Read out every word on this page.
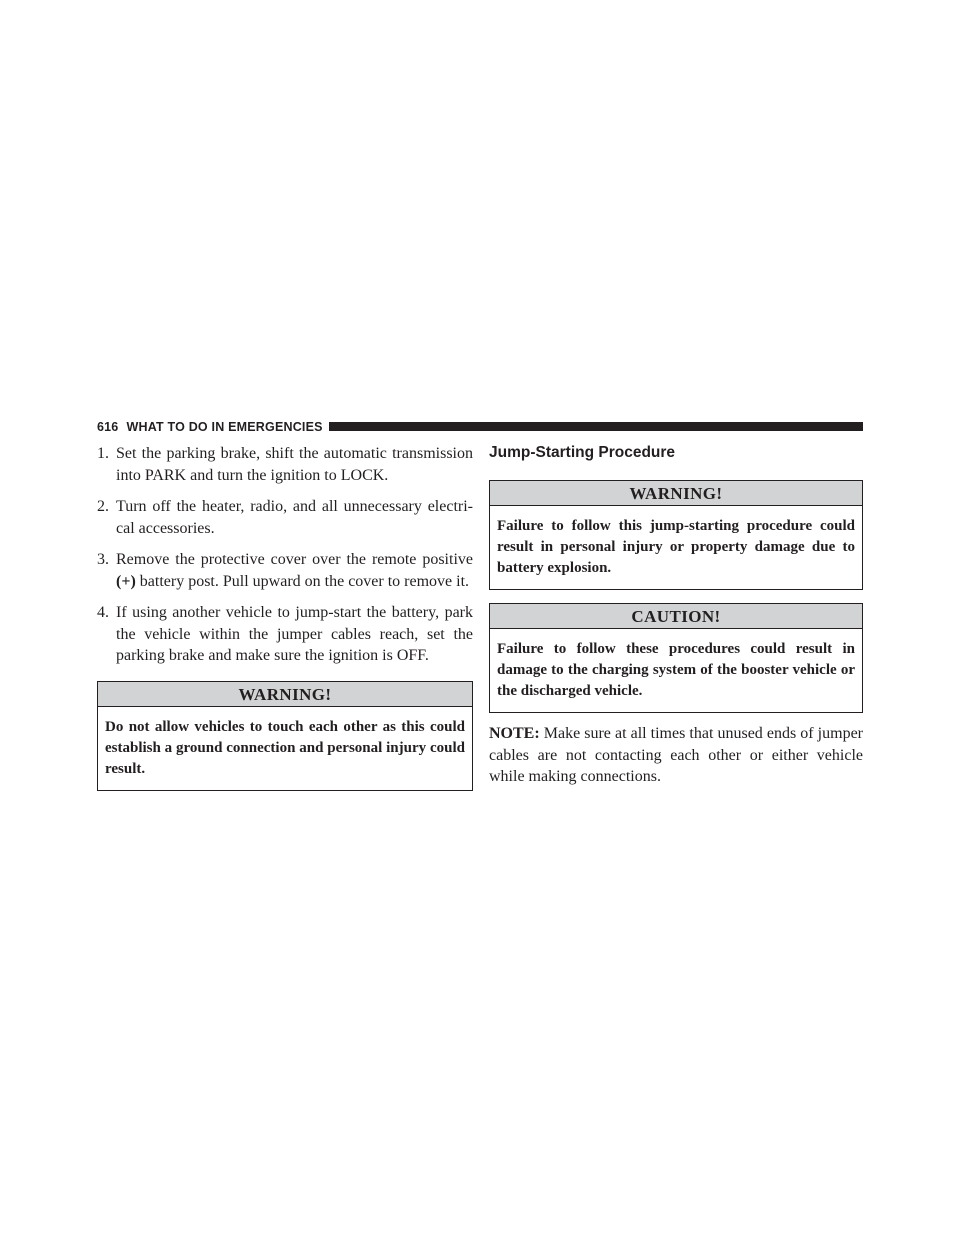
616 WHAT TO DO IN EMERGENCIES

1. Set the parking brake, shift the automatic transmission into PARK and turn the ignition to LOCK.

2. Turn off the heater, radio, and all unnecessary electri- cal accessories.

3. Remove the protective cover over the remote positive (+) battery post. Pull upward on the cover to remove it.

4. If using another vehicle to jump-start the battery, park the vehicle within the jumper cables reach, set the parking brake and make sure the ignition is OFF.

WARNING!
Do not allow vehicles to touch each other as this could establish a ground connection and personal injury could result.
Jump-Starting Procedure
WARNING!
Failure to follow this jump-starting procedure could result in personal injury or property damage due to battery explosion.
CAUTION!
Failure to follow these procedures could result in damage to the charging system of the booster vehicle or the discharged vehicle.

NOTE: Make sure at all times that unused ends of jumper cables are not contacting each other or either vehicle while making connections.
